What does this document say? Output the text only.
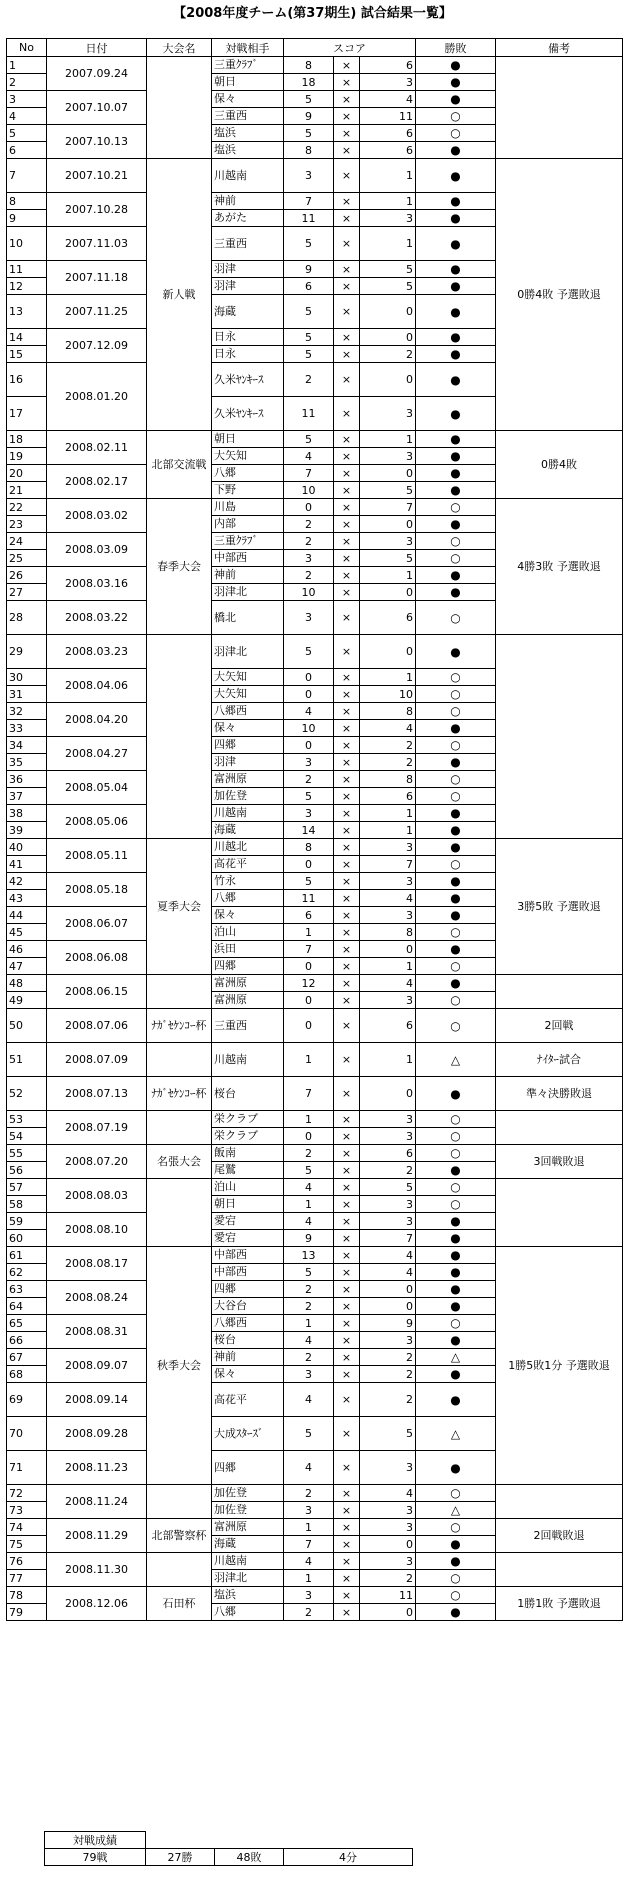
【2008年度チーム(第37期生) 試合結果一覧】
No	日付	大会名	対戦相手	スコア			勝敗	備考
1	2007.09.24		三重ｸﾗﾌﾞ	8	×	6	●	
2			朝日	18	×	3	●	
3	2007.10.07		保々	5	×	4	●	
4			三重西	9	×	11	○	
5	2007.10.13		塩浜	5	×	6	○	
6			塩浜	8	×	6	●	
7	2007.10.21	新人戦	川越南	3	×	1	●	0勝4敗 予選敗退
8	2007.10.28		神前	7	×	1	●	
9			あがた	11	×	3	●	
10	2007.11.03		三重西	5	×	1	●	
11	2007.11.18		羽津	9	×	5	●	
12			羽津	6	×	5	●	
13	2007.11.25		海蔵	5	×	0	●	
14	2007.12.09		日永	5	×	0	●	
15			日永	5	×	2	●	
16	2008.01.20		久米ﾔﾝｷｰｽ	2	×	0	●	
17			久米ﾔﾝｷｰｽ	11	×	3	●	
18	2008.02.11	北部交流戦	朝日	5	×	1	●	0勝4敗
19			大矢知	4	×	3	●	
20	2008.02.17		八郷	7	×	0	●	
21			下野	10	×	5	●	
22	2008.03.02	春季大会	川島	0	×	7	○	4勝3敗 予選敗退
23			内部	2	×	0	●	
24	2008.03.09		三重ｸﾗﾌﾞ	2	×	3	○	
25			中部西	3	×	5	○	
26	2008.03.16		神前	2	×	1	●	
27			羽津北	10	×	0	●	
28	2008.03.22		橋北	3	×	6	○	
29	2008.03.23		羽津北	5	×	0	●	
30	2008.04.06		大矢知	0	×	1	○	
31			大矢知	0	×	10	○	
32	2008.04.20		八郷西	4	×	8	○	
33			保々	10	×	4	●	
34	2008.04.27		四郷	0	×	2	○	
35			羽津	3	×	2	●	
36	2008.05.04		富洲原	2	×	8	○	
37			加佐登	5	×	6	○	
38	2008.05.06		川越南	3	×	1	●	
39			海蔵	14	×	1	●	
40	2008.05.11	夏季大会	川越北	8	×	3	●	3勝5敗 予選敗退
41			高花平	0	×	7	○	
42	2008.05.18		竹永	5	×	3	●	
43			八郷	11	×	4	●	
44	2008.06.07		保々	6	×	3	●	
45			泊山	1	×	8	○	
46	2008.06.08		浜田	7	×	0	●	
47			四郷	0	×	1	○	
48	2008.06.15		富洲原	12	×	4	●	
49			富洲原	0	×	3	○	
50	2008.07.06	ﾅｶﾞｾｹﾝｺｰ杯	三重西	0	×	6	○	2回戦
51	2008.07.09		川越南	1	×	1	△	ﾅｲﾀｰ試合
52	2008.07.13	ﾅｶﾞｾｹﾝｺｰ杯	桜台	7	×	0	●	準々決勝敗退
53	2008.07.19		栄クラブ	1	×	3	○	
54			栄クラブ	0	×	3	○	
55	2008.07.20	名張大会	飯南	2	×	6	○	3回戦敗退
56			尾鷲	5	×	2	●	
57	2008.08.03		泊山	4	×	5	○	
58			朝日	1	×	3	○	
59	2008.08.10		愛宕	4	×	3	●	
60			愛宕	9	×	7	●	
61	2008.08.17	秋季大会	中部西	13	×	4	●	1勝5敗1分 予選敗退
62			中部西	5	×	4	●	
63	2008.08.24		四郷	2	×	0	●	
64			大谷台	2	×	0	●	
65	2008.08.31		八郷西	1	×	9	○	
66			桜台	4	×	3	●	
67	2008.09.07		神前	2	×	2	△	
68			保々	3	×	2	●	
69	2008.09.14		高花平	4	×	2	●	
70	2008.09.28		大成ｽﾀｰｽﾞ	5	×	5	△	
71	2008.11.23		四郷	4	×	3	●	
72	2008.11.24		加佐登	2	×	4	○	
73			加佐登	3	×	3	△	
74	2008.11.29	北部警察杯	富洲原	1	×	3	○	2回戦敗退
75			海蔵	7	×	0	●	
76	2008.11.30		川越南	4	×	3	●	
77			羽津北	1	×	2	○	
78	2008.12.06	石田杯	塩浜	3	×	11	○	1勝1敗 予選敗退
79			八郷	2	×	0	●	
対戦成績				
79戦	27勝	48敗	4分	
